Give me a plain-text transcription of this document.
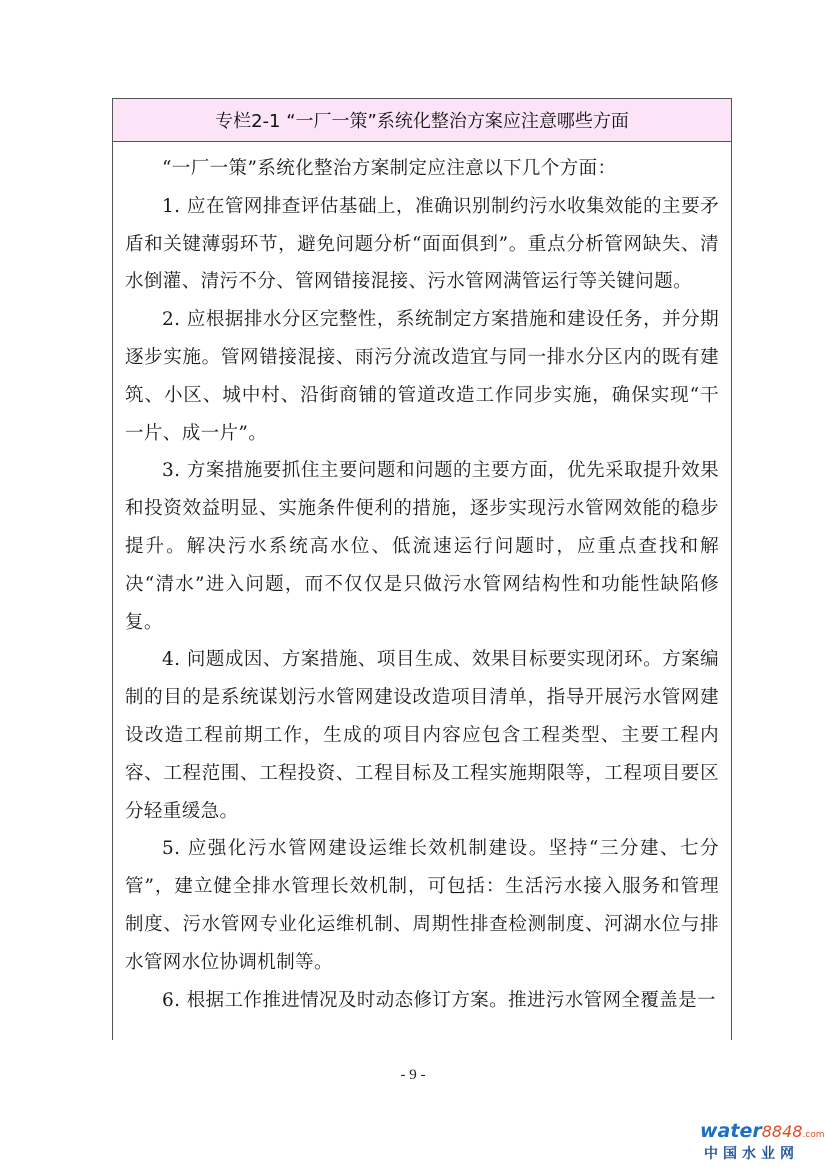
专栏2-1 “一厂一策”系统化整治方案应注意哪些方面

“一厂一策”系统化整治方案制定应注意以下几个方面：

1. 应在管网排查评估基础上，准确识别制约污水收集效能的主要矛盾和关键薄弱环节，避免问题分析“面面俱到”。重点分析管网缺失、清水倒灌、清污不分、管网错接混接、污水管网满管运行等关键问题。

2. 应根据排水分区完整性，系统制定方案措施和建设任务，并分期逐步实施。管网错接混接、雨污分流改造宜与同一排水分区内的既有建筑、小区、城中村、沿街商铺的管道改造工作同步实施，确保实现“干一片、成一片”。

3. 方案措施要抓住主要问题和问题的主要方面，优先采取提升效果和投资效益明显、实施条件便利的措施，逐步实现污水管网效能的稳步提升。解决污水系统高水位、低流速运行问题时，应重点查找和解决“清水”进入问题，而不仅仅是只做污水管网结构性和功能性缺陷修复。

4. 问题成因、方案措施、项目生成、效果目标要实现闭环。方案编制的目的是系统谋划污水管网建设改造项目清单，指导开展污水管网建设改造工程前期工作，生成的项目内容应包含工程类型、主要工程内容、工程范围、工程投资、工程目标及工程实施期限等，工程项目要区分轻重缓急。

5. 应强化污水管网建设运维长效机制建设。坚持“三分建、七分管”，建立健全排水管理长效机制，可包括：生活污水接入服务和管理制度、污水管网专业化运维机制、周期性排查检测制度、河湖水位与排水管网水位协调机制等。

6. 根据工作推进情况及时动态修订方案。推进污水管网全覆盖是一

- 9 -
water8848.com
中国水业网
